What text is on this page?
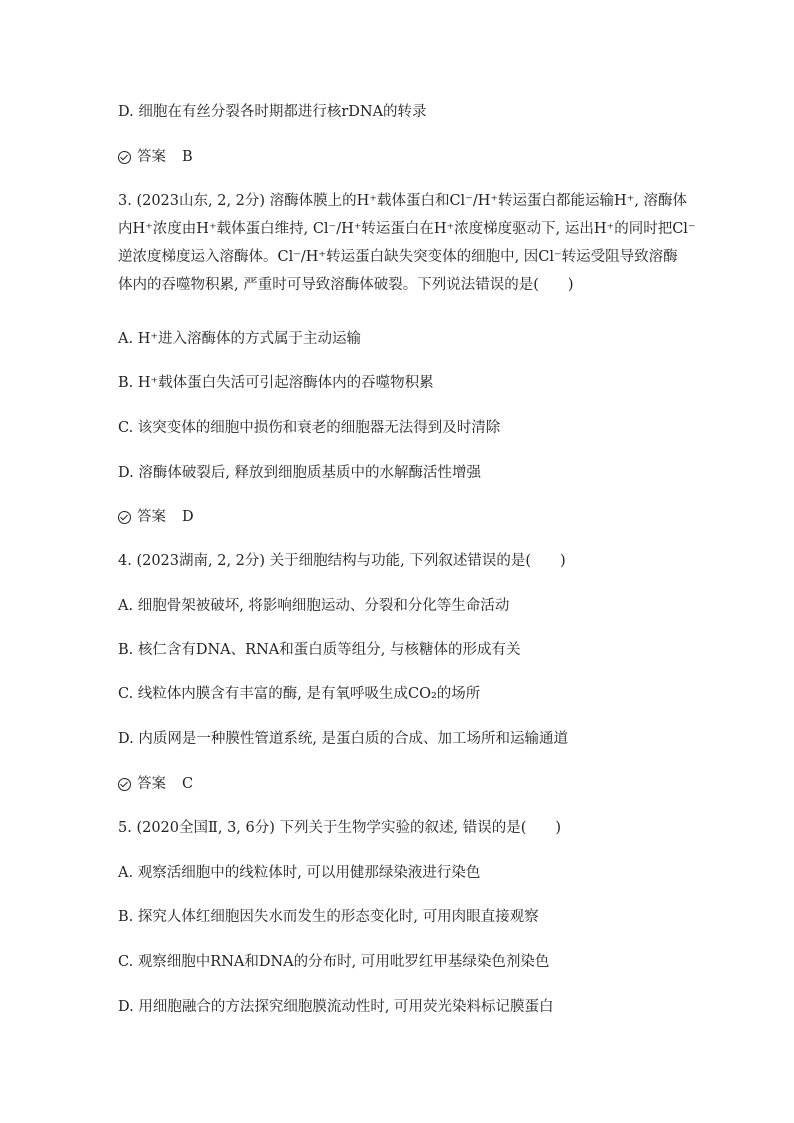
D. 细胞在有丝分裂各时期都进行核rDNA的转录
答案 B
3. (2023山东, 2, 2分) 溶酶体膜上的H⁺载体蛋白和Cl⁻/H⁺转运蛋白都能运输H⁺, 溶酶体
内H⁺浓度由H⁺载体蛋白维持, Cl⁻/H⁺转运蛋白在H⁺浓度梯度驱动下, 运出H⁺的同时把Cl⁻
逆浓度梯度运入溶酶体。Cl⁻/H⁺转运蛋白缺失突变体的细胞中, 因Cl⁻转运受阻导致溶酶
体内的吞噬物积累, 严重时可导致溶酶体破裂。下列说法错误的是(　　)
A. H⁺进入溶酶体的方式属于主动运输
B. H⁺载体蛋白失活可引起溶酶体内的吞噬物积累
C. 该突变体的细胞中损伤和衰老的细胞器无法得到及时清除
D. 溶酶体破裂后, 释放到细胞质基质中的水解酶活性增强
答案 D
4. (2023湖南, 2, 2分) 关于细胞结构与功能, 下列叙述错误的是(　　)
A. 细胞骨架被破坏, 将影响细胞运动、分裂和分化等生命活动
B. 核仁含有DNA、RNA和蛋白质等组分, 与核糖体的形成有关
C. 线粒体内膜含有丰富的酶, 是有氧呼吸生成CO₂的场所
D. 内质网是一种膜性管道系统, 是蛋白质的合成、加工场所和运输通道
答案 C
5. (2020全国Ⅱ, 3, 6分) 下列关于生物学实验的叙述, 错误的是(　　)
A. 观察活细胞中的线粒体时, 可以用健那绿染液进行染色
B. 探究人体红细胞因失水而发生的形态变化时, 可用肉眼直接观察
C. 观察细胞中RNA和DNA的分布时, 可用吡罗红甲基绿染色剂染色
D. 用细胞融合的方法探究细胞膜流动性时, 可用荧光染料标记膜蛋白
